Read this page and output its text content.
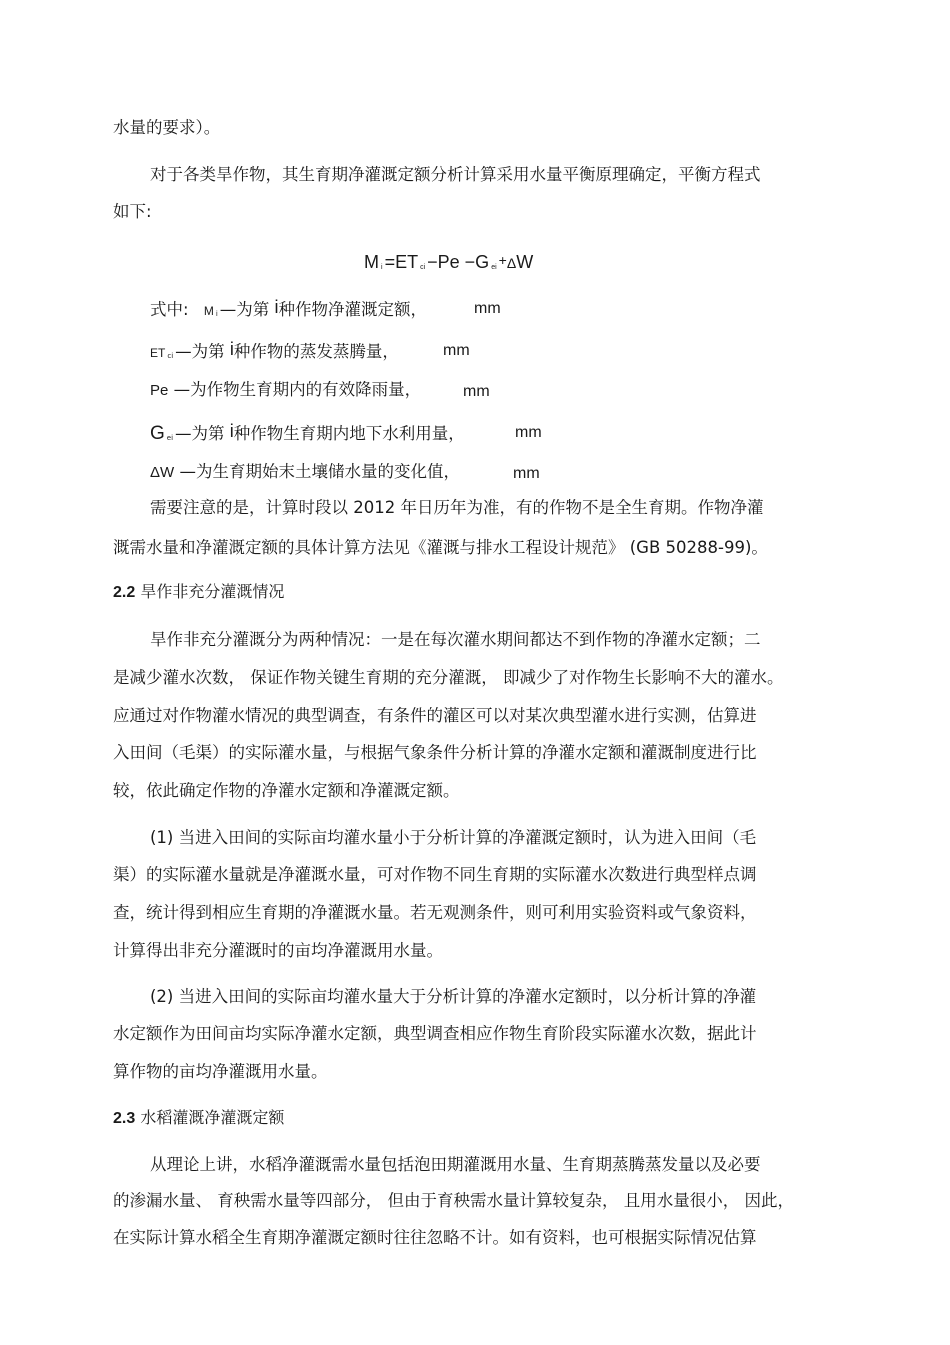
水量的要求）。
对于各类旱作物，其生育期净灌溉定额分析计算采用水量平衡原理确定，平衡方程式
如下:
Mi =ET ci −Pe −G ei +ΔW
式中: M i —为第 i种作物净灌溉定额，	mm
ET ci —为第 i种作物的蒸发蒸腾量，	mm
Pe —为作物生育期内的有效降雨量，	mm
Gei —为第 i种作物生育期内地下水利用量，	mm
ΔW —为生育期始末土壤储水量的变化值，	mm
需要注意的是，计算时段以 2012 年日历年为准，有的作物不是全生育期。作物净灌
溉需水量和净灌溉定额的具体计算方法见《灌溉与排水工程设计规范》 (GB 50288-99)。
2.2 旱作非充分灌溉情况
旱作非充分灌溉分为两种情况：一是在每次灌水期间都达不到作物的净灌水定额；二
是减少灌水次数， 保证作物关键生育期的充分灌溉， 即减少了对作物生长影响不大的灌水。
应通过对作物灌水情况的典型调查，有条件的灌区可以对某次典型灌水进行实测，估算进
入田间（毛渠）的实际灌水量，与根据气象条件分析计算的净灌水定额和灌溉制度进行比
较，依此确定作物的净灌水定额和净灌溉定额。
(1) 当进入田间的实际亩均灌水量小于分析计算的净灌溉定额时，认为进入田间（毛
渠）的实际灌水量就是净灌溉水量，可对作物不同生育期的实际灌水次数进行典型样点调
查，统计得到相应生育期的净灌溉水量。若无观测条件，则可利用实验资料或气象资料，
计算得出非充分灌溉时的亩均净灌溉用水量。
(2) 当进入田间的实际亩均灌水量大于分析计算的净灌水定额时，以分析计算的净灌
水定额作为田间亩均实际净灌水定额，典型调查相应作物生育阶段实际灌水次数，据此计
算作物的亩均净灌溉用水量。
2.3 水稻灌溉净灌溉定额
从理论上讲，水稻净灌溉需水量包括泡田期灌溉用水量、生育期蒸腾蒸发量以及必要
的渗漏水量、 育秧需水量等四部分， 但由于育秧需水量计算较复杂， 且用水量很小， 因此，
在实际计算水稻全生育期净灌溉定额时往往忽略不计。如有资料，也可根据实际情况估算
